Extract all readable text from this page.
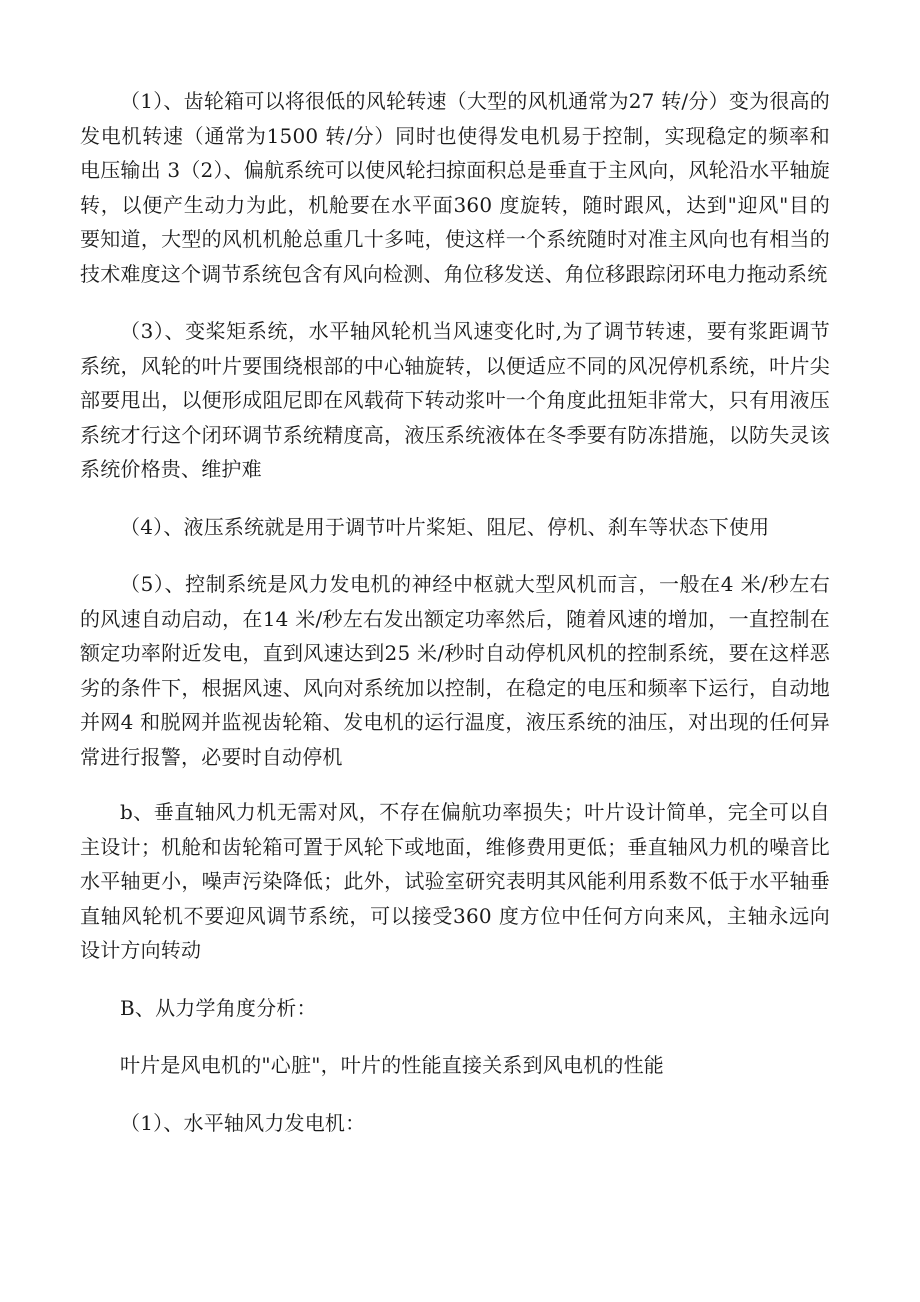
（1）、齿轮箱可以将很低的风轮转速（大型的风机通常为27 转/分）变为很高的发电机转速（通常为1500 转/分）同时也使得发电机易于控制，实现稳定的频率和电压输出 3（2）、偏航系统可以使风轮扫掠面积总是垂直于主风向，风轮沿水平轴旋转，以便产生动力为此，机舱要在水平面360 度旋转，随时跟风，达到"迎风"目的要知道，大型的风机机舱总重几十多吨，使这样一个系统随时对准主风向也有相当的技术难度这个调节系统包含有风向检测、角位移发送、角位移跟踪闭环电力拖动系统

（3）、变桨矩系统，水平轴风轮机当风速变化时,为了调节转速，要有浆距调节系统，风轮的叶片要围绕根部的中心轴旋转，以便适应不同的风况停机系统，叶片尖部要甩出，以便形成阻尼即在风载荷下转动浆叶一个角度此扭矩非常大，只有用液压系统才行这个闭环调节系统精度高，液压系统液体在冬季要有防冻措施，以防失灵该系统价格贵、维护难

（4）、液压系统就是用于调节叶片桨矩、阻尼、停机、刹车等状态下使用

（5）、控制系统是风力发电机的神经中枢就大型风机而言，一般在4 米/秒左右的风速自动启动，在14 米/秒左右发出额定功率然后，随着风速的增加，一直控制在额定功率附近发电，直到风速达到25 米/秒时自动停机风机的控制系统，要在这样恶劣的条件下，根据风速、风向对系统加以控制，在稳定的电压和频率下运行，自动地并网4 和脱网并监视齿轮箱、发电机的运行温度，液压系统的油压，对出现的任何异常进行报警，必要时自动停机

b、垂直轴风力机无需对风，不存在偏航功率损失；叶片设计简单，完全可以自主设计；机舱和齿轮箱可置于风轮下或地面，维修费用更低；垂直轴风力机的噪音比水平轴更小，噪声污染降低；此外，试验室研究表明其风能利用系数不低于水平轴垂直轴风轮机不要迎风调节系统，可以接受360 度方位中任何方向来风，主轴永远向设计方向转动

B、从力学角度分析：

叶片是风电机的"心脏"，叶片的性能直接关系到风电机的性能

（1）、水平轴风力发电机：
